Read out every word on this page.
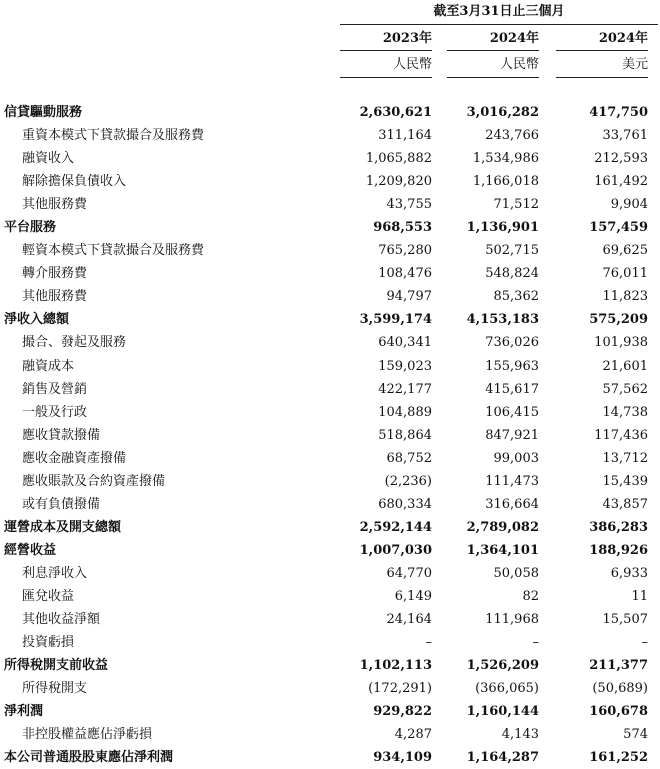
截至3月31日止三個月
2023年	2024年	2024年
人民幣	人民幣	美元
信貸驅動服務	2,630,621	3,016,282	417,750
重資本模式下貸款撮合及服務費	311,164	243,766	33,761
融資收入	1,065,882	1,534,986	212,593
解除擔保負債收入	1,209,820	1,166,018	161,492
其他服務費	43,755	71,512	9,904
平台服務	968,553	1,136,901	157,459
輕資本模式下貸款撮合及服務費	765,280	502,715	69,625
轉介服務費	108,476	548,824	76,011
其他服務費	94,797	85,362	11,823
淨收入總額	3,599,174	4,153,183	575,209
撮合、發起及服務	640,341	736,026	101,938
融資成本	159,023	155,963	21,601
銷售及營銷	422,177	415,617	57,562
一般及行政	104,889	106,415	14,738
應收貸款撥備	518,864	847,921	117,436
應收金融資產撥備	68,752	99,003	13,712
應收賬款及合約資產撥備	(2,236)	111,473	15,439
或有負債撥備	680,334	316,664	43,857
運營成本及開支總額	2,592,144	2,789,082	386,283
經營收益	1,007,030	1,364,101	188,926
利息淨收入	64,770	50,058	6,933
匯兌收益	6,149	82	11
其他收益淨額	24,164	111,968	15,507
投資虧損	–	–	–
所得稅開支前收益	1,102,113	1,526,209	211,377
所得稅開支	(172,291)	(366,065)	(50,689)
淨利潤	929,822	1,160,144	160,678
非控股權益應佔淨虧損	4,287	4,143	574
本公司普通股股東應佔淨利潤	934,109	1,164,287	161,252
